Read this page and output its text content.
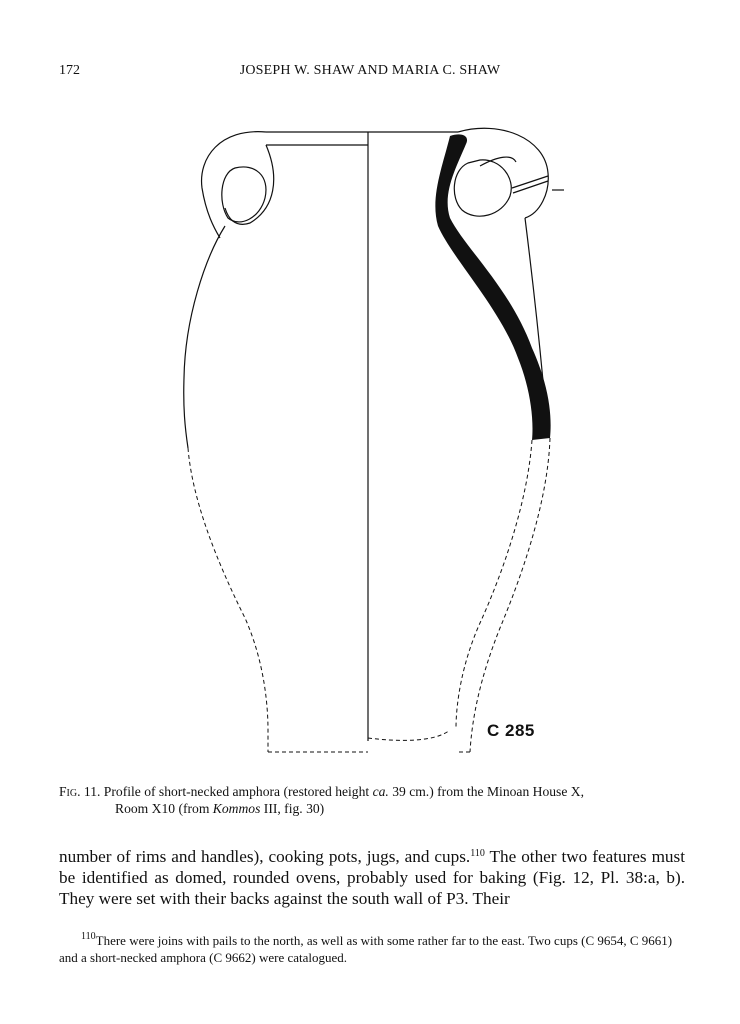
172	JOSEPH W. SHAW AND MARIA C. SHAW
C 285
Fig. 11. Profile of short-necked amphora (restored height ca. 39 cm.) from the Minoan House X,
Room X10 (from Kommos III, fig. 30)
number of rims and handles), cooking pots, jugs, and cups.$^{110}$ The other two features must be identified as domed, rounded ovens, probably used for baking (Fig. 12, Pl. 38:a, b). They were set with their backs against the south wall of P3. Their
$^{110}$There were joins with pails to the north, as well as with some rather far to the east. Two cups (C 9654, C 9661) and a short-necked amphora (C 9662) were catalogued.
